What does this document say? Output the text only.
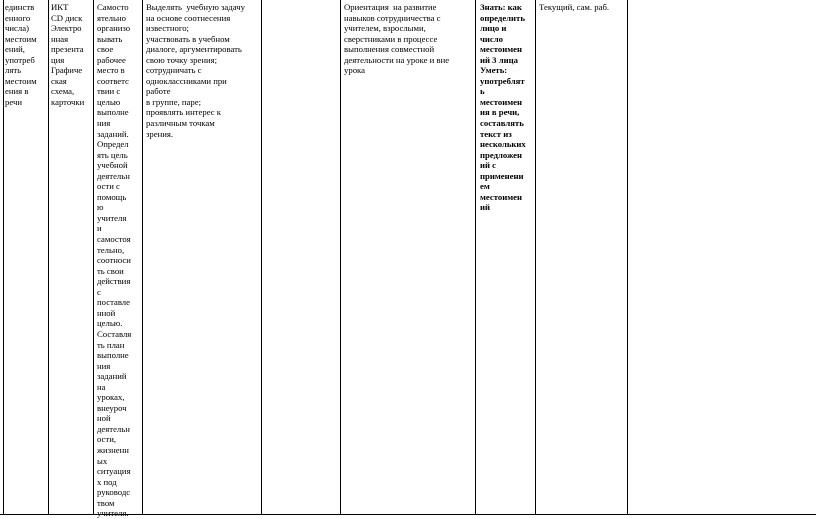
единств
енного
числа)
местоим
ений,
употреб
лять
местоим
ения в
речи
ИКТ
CD диск
Электро
нная
презента
ция
Графиче
ская
схема,
карточки
Самосто
ятельно
организо
вывать
свое
рабочее
место в
соответс
твии с
целью
выполне
ния
заданий.
Определ
ять цель
учебной
деятельн
ости с
помощь
ю
учителя
и
самостоя
тельно,
соотноси
ть свои
действия
с
поставле
нной
целью.
Составля
ть план
выполне
ния
заданий
на
уроках,
внеуроч
ной
деятельн
ости,
жизненн
ых
ситуация
х под
руководс
твом
учителя.
Выделять  учебную задачу
на основе соотнесения
известного;
участвовать в учебном
диалоге, аргументировать
свою точку зрения;
сотрудничать с
одноклассниками при
работе
в группе, паре;
проявлять интерес к
различным точкам
зрения.
Ориентация  на развитие
навыков сотрудничества с
учителем, взрослыми,
сверстниками в процессе
выполнения совместной
деятельности на уроке и вне
урока
Знать: как
определить
лицо и
число
местоимен
ий 3 лица
Уметь:
употреблят
ь
местоимен
ия в речи,
составлять
текст из
нескольких
предложен
ий с
применени
ем
местоимен
ий
Текущий, сам. раб.
